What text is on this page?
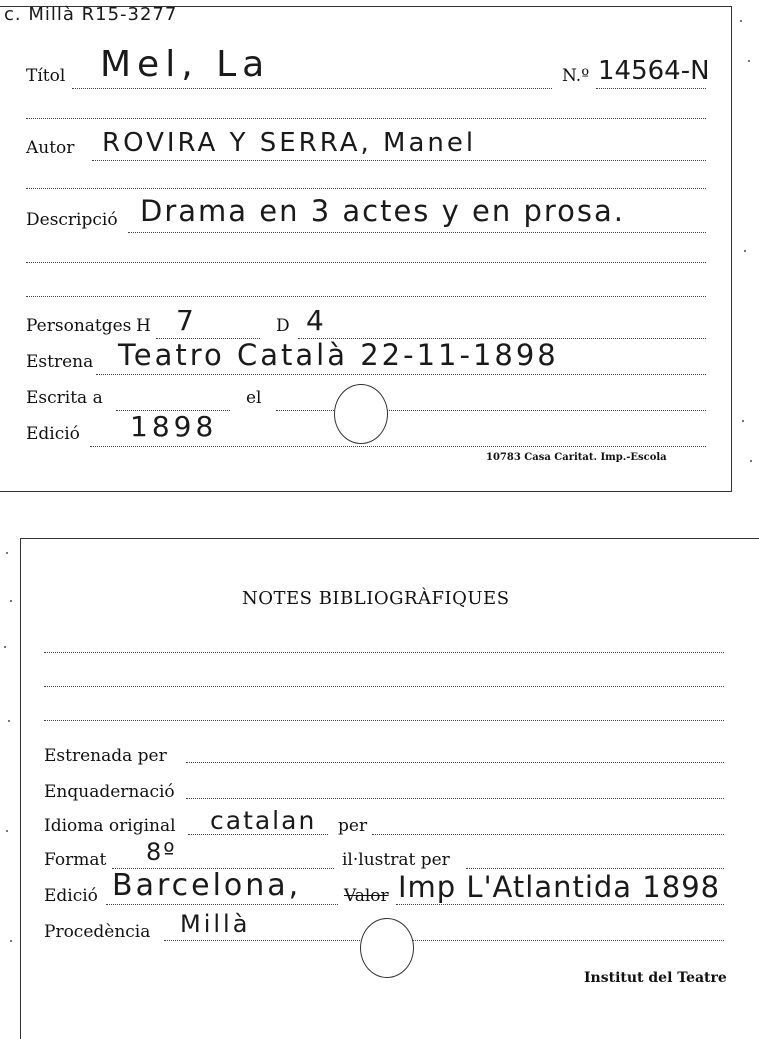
c. Millà R15-3277
Títol Mel, La	N.º 14564-N
Autor ROVIRA Y SERRA, Manel
Descripció Drama en 3 actes y en prosa.
Personatges H 7	D 4
Estrena Teatro Català 22-11-1898
Escrita a	el
Edició 1898
10783 Casa Caritat. Imp.-Escola
NOTES BIBLIOGRÀFIQUES
Estrenada per
Enquadernació
Idioma original catalan per
Format 8º	il·lustrat per
Edició Barcelona,	Valor Imp L'Atlantida 1898
Procedència Millà
Institut del Teatre
